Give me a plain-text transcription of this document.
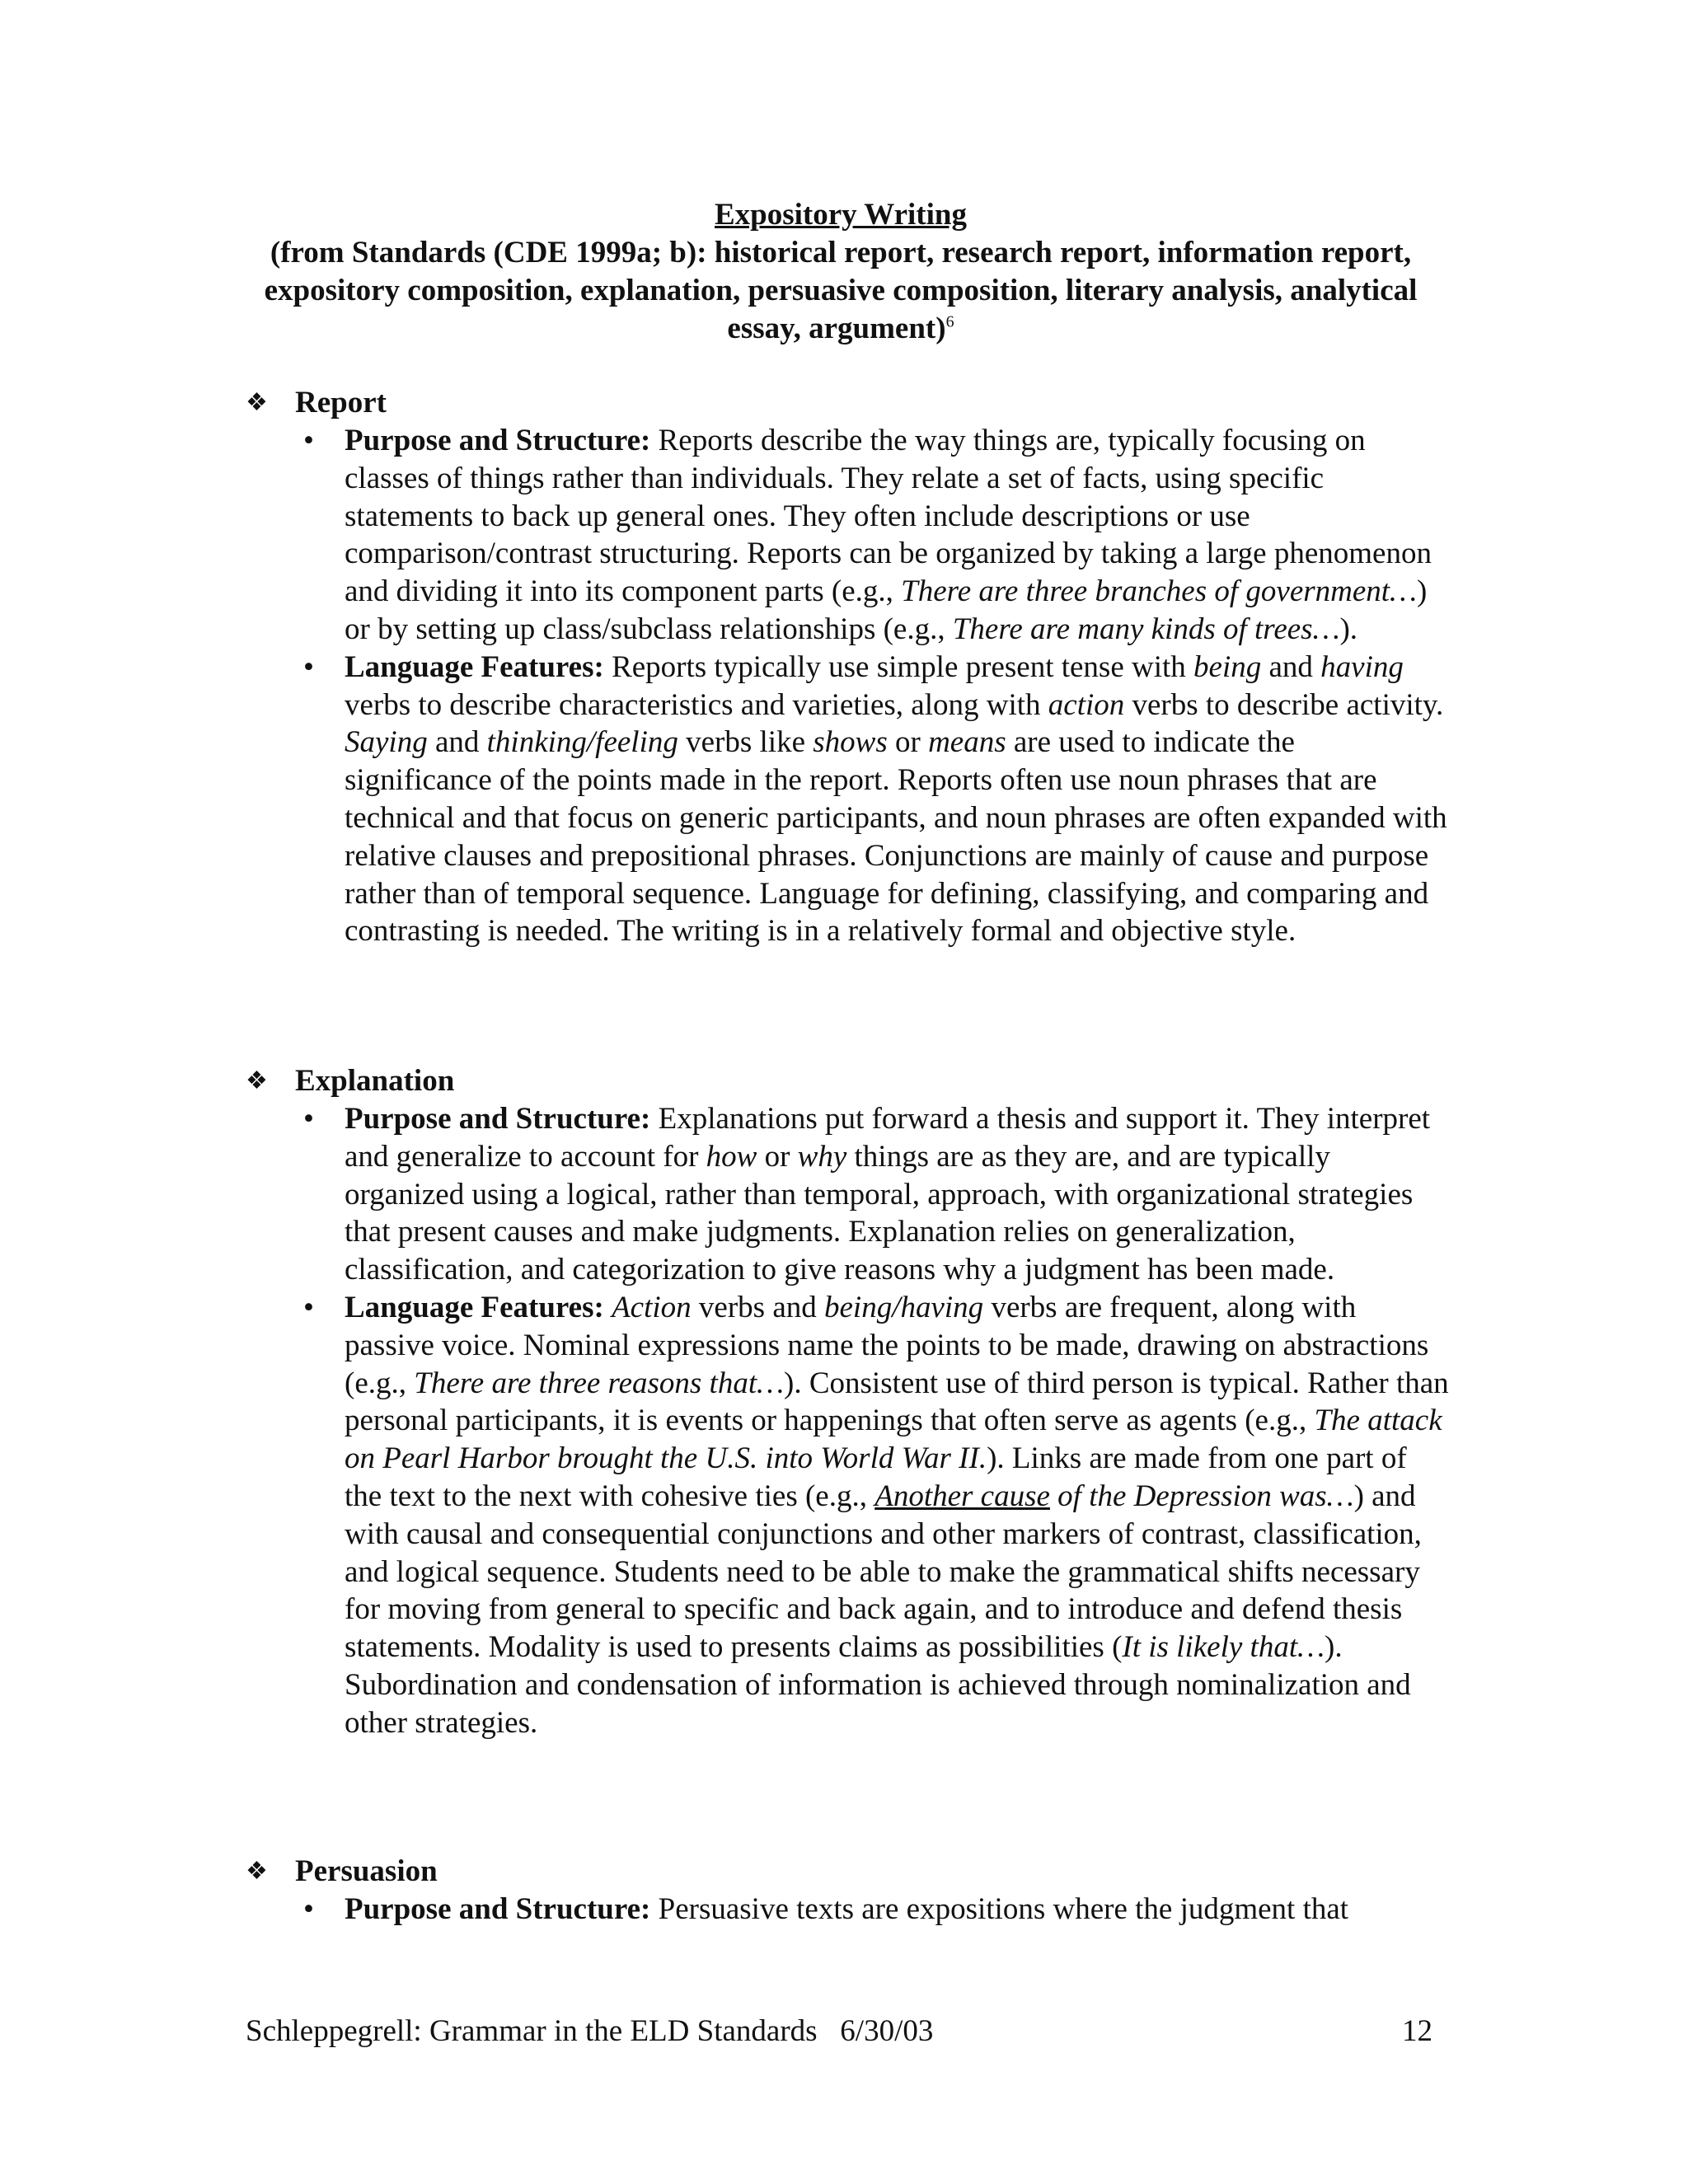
Expository Writing
(from Standards (CDE 1999a; b): historical report, research report, information report, expository composition, explanation, persuasive composition, literary analysis, analytical essay, argument)$^6$
❖ Report
• Purpose and Structure: Reports describe the way things are, typically focusing on classes of things rather than individuals. They relate a set of facts, using specific statements to back up general ones. They often include descriptions or use comparison/contrast structuring. Reports can be organized by taking a large phenomenon and dividing it into its component parts (e.g., There are three branches of government…) or by setting up class/subclass relationships (e.g., There are many kinds of trees…).
• Language Features: Reports typically use simple present tense with being and having verbs to describe characteristics and varieties, along with action verbs to describe activity. Saying and thinking/feeling verbs like shows or means are used to indicate the significance of the points made in the report. Reports often use noun phrases that are technical and that focus on generic participants, and noun phrases are often expanded with relative clauses and prepositional phrases. Conjunctions are mainly of cause and purpose rather than of temporal sequence. Language for defining, classifying, and comparing and contrasting is needed. The writing is in a relatively formal and objective style.
❖ Explanation
• Purpose and Structure: Explanations put forward a thesis and support it. They interpret and generalize to account for how or why things are as they are, and are typically organized using a logical, rather than temporal, approach, with organizational strategies that present causes and make judgments. Explanation relies on generalization, classification, and categorization to give reasons why a judgment has been made.
• Language Features: Action verbs and being/having verbs are frequent, along with passive voice. Nominal expressions name the points to be made, drawing on abstractions (e.g., There are three reasons that…). Consistent use of third person is typical. Rather than personal participants, it is events or happenings that often serve as agents (e.g., The attack on Pearl Harbor brought the U.S. into World War II.). Links are made from one part of the text to the next with cohesive ties (e.g., Another cause of the Depression was…) and with causal and consequential conjunctions and other markers of contrast, classification, and logical sequence. Students need to be able to make the grammatical shifts necessary for moving from general to specific and back again, and to introduce and defend thesis statements. Modality is used to presents claims as possibilities (It is likely that…). Subordination and condensation of information is achieved through nominalization and other strategies.
❖ Persuasion
• Purpose and Structure: Persuasive texts are expositions where the judgment that
Schleppegrell: Grammar in the ELD Standards   6/30/03	12
